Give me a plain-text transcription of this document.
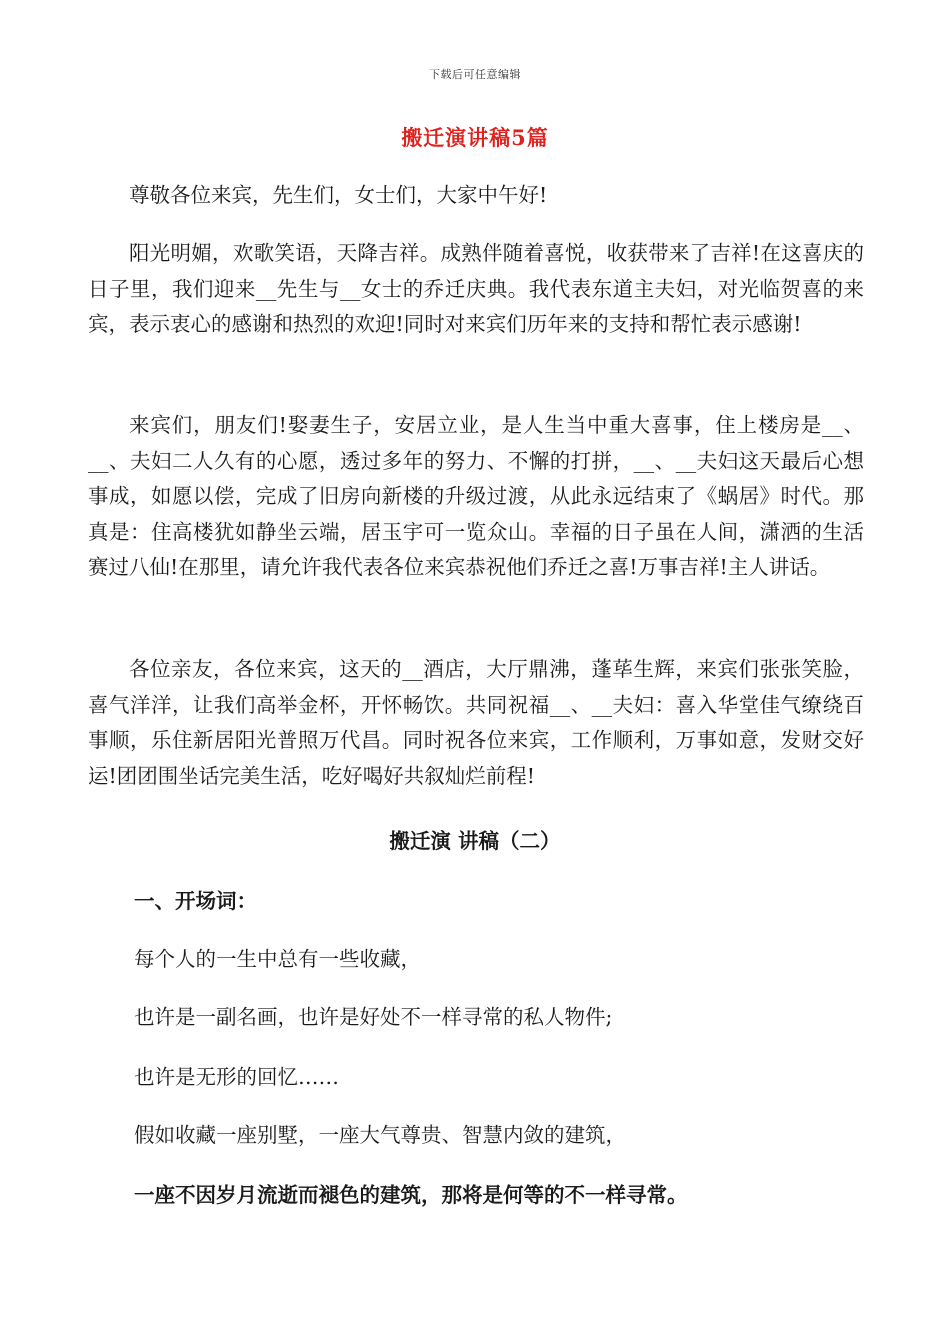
下载后可任意编辑
搬迁演讲稿5篇

尊敬各位来宾，先生们，女士们，大家中午好!

阳光明媚，欢歌笑语，天降吉祥。成熟伴随着喜悦，收获带来了吉祥!在这喜庆的日子里，我们迎来__先生与__女士的乔迁庆典。我代表东道主夫妇，对光临贺喜的来宾，表示衷心的感谢和热烈的欢迎!同时对来宾们历年来的支持和帮忙表示感谢!

来宾们，朋友们!娶妻生子，安居立业，是人生当中重大喜事，住上楼房是__、__、夫妇二人久有的心愿，透过多年的努力、不懈的打拼，__、__夫妇这天最后心想事成，如愿以偿，完成了旧房向新楼的升级过渡，从此永远结束了《蜗居》时代。那真是：住高楼犹如静坐云端，居玉宇可一览众山。幸福的日子虽在人间，潇洒的生活赛过八仙!在那里，请允许我代表各位来宾恭祝他们乔迁之喜!万事吉祥!主人讲话。

各位亲友，各位来宾，这天的__酒店，大厅鼎沸，蓬荜生辉，来宾们张张笑脸，喜气洋洋，让我们高举金杯，开怀畅饮。共同祝福__、__夫妇：喜入华堂佳气缭绕百事顺，乐住新居阳光普照万代昌。同时祝各位来宾，工作顺利，万事如意，发财交好运!团团围坐话完美生活，吃好喝好共叙灿烂前程!

搬迁演 讲稿（二）
一、开场词：
每个人的一生中总有一些收藏，
也许是一副名画，也许是好处不一样寻常的私人物件;
也许是无形的回忆……
假如收藏一座别墅，一座大气尊贵、智慧内敛的建筑，
一座不因岁月流逝而褪色的建筑，那将是何等的不一样寻常。
